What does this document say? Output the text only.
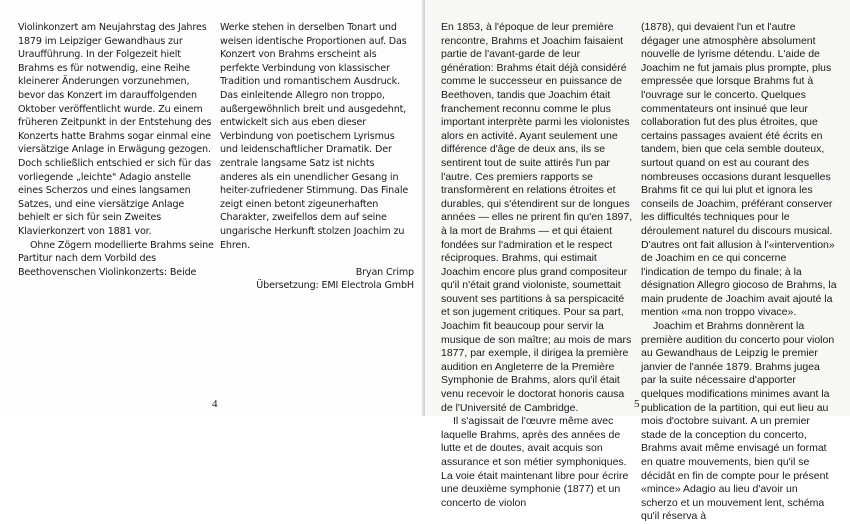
Violinkonzert am Neujahrstag des Jahres 1879 im Leipziger Gewandhaus zur Uraufführung. In der Folgezeit hielt Brahms es für notwendig, eine Reihe kleinerer Änderungen vorzunehmen, bevor das Konzert im darauffolgenden Oktober veröffentlicht wurde. Zu einem früheren Zeitpunkt in der Entstehung des Konzerts hatte Brahms sogar einmal eine viersätzige Anlage in Erwägung gezogen. Doch schließlich entschied er sich für das vorliegende „leichte" Adagio anstelle eines Scherzos und eines langsamen Satzes, und eine viersätzige Anlage behielt er sich für sein Zweites Klavierkonzert von 1881 vor.

Ohne Zögern modellierte Brahms seine Partitur nach dem Vorbild des Beethovenschen Violinkonzerts: Beide

Werke stehen in derselben Tonart und weisen identische Proportionen auf. Das Konzert von Brahms erscheint als perfekte Verbindung von klassischer Tradition und romantischem Ausdruck. Das einleitende Allegro non troppo, außergewöhnlich breit und ausgedehnt, entwickelt sich aus eben dieser Verbindung von poetischem Lyrismus und leidenschaftlicher Dramatik. Der zentrale langsame Satz ist nichts anderes als ein unendlicher Gesang in heiter-zufriedener Stimmung. Das Finale zeigt einen betont zigeunerhaften Charakter, zweifellos dem auf seine ungarische Herkunft stolzen Joachim zu Ehren.

Bryan Crimp

Übersetzung: EMI Electrola GmbH

4

En 1853, à l'époque de leur première rencontre, Brahms et Joachim faisaient partie de l'avant-garde de leur génération: Brahms était déjà considéré comme le successeur en puissance de Beethoven, tandis que Joachim était franchement reconnu comme le plus important interprète parmi les violonistes alors en activité. Ayant seulement une différence d'âge de deux ans, ils se sentirent tout de suite attirés l'un par l'autre. Ces premiers rapports se transformèrent en relations étroites et durables, qui s'étendirent sur de longues années — elles ne prirent fin qu'en 1897, à la mort de Brahms — et qui étaient fondées sur l'admiration et le respect réciproques. Brahms, qui estimait Joachim encore plus grand compositeur qu'il n'était grand violoniste, soumettait souvent ses partitions à sa perspicacité et son jugement critiques. Pour sa part, Joachim fit beaucoup pour servir la musique de son maître; au mois de mars 1877, par exemple, il dirigea la première audition en Angleterre de la Première Symphonie de Brahms, alors qu'il était venu recevoir le doctorat honoris causa de l'Université de Cambridge.

Il s'agissait de l'œuvre même avec laquelle Brahms, après des années de lutte et de doutes, avait acquis son assurance et son métier symphoniques. La voie était maintenant libre pour écrire une deuxième symphonie (1877) et un concerto de violon

(1878), qui devaient l'un et l'autre dégager une atmosphère absolument nouvelle de lyrisme détendu. L'aide de Joachim ne fut jamais plus prompte, plus empressée que lorsque Brahms fut à l'ouvrage sur le concerto. Quelques commentateurs ont insinué que leur collaboration fut des plus étroites, que certains passages avaient été écrits en tandem, bien que cela semble douteux, surtout quand on est au courant des nombreuses occasions durant lesquelles Brahms fit ce qui lui plut et ignora les conseils de Joachim, préférant conserver les difficultés techniques pour le déroulement naturel du discours musical. D'autres ont fait allusion à l'«intervention» de Joachim en ce qui concerne l'indication de tempo du finale; à la désignation Allegro giocoso de Brahms, la main prudente de Joachim avait ajouté la mention «ma non troppo vivace».

Joachim et Brahms donnèrent la première audition du concerto pour violon au Gewandhaus de Leipzig le premier janvier de l'année 1879. Brahms jugea par la suite nécessaire d'apporter quelques modifications minimes avant la publication de la partition, qui eut lieu au mois d'octobre suivant. A un premier stade de la conception du concerto, Brahms avait même envisagé un format en quatre mouvements, bien qu'il se décidât en fin de compte pour le présent «mince» Adagio au lieu d'avoir un scherzo et un mouvement lent, schéma qu'il réserva à

5
